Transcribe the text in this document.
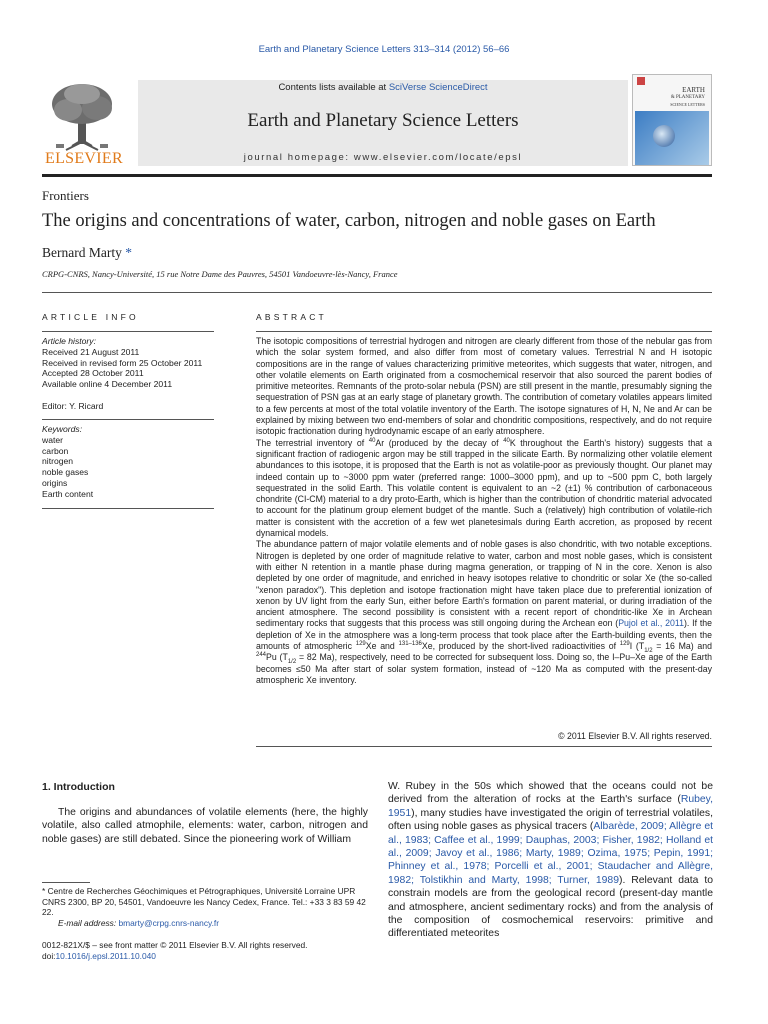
Earth and Planetary Science Letters 313–314 (2012) 56–66
Contents lists available at SciVerse ScienceDirect
Earth and Planetary Science Letters
journal homepage: www.elsevier.com/locate/epsl
ELSEVIER
EARTH
& PLANETARY
SCIENCE LETTERS
Frontiers
The origins and concentrations of water, carbon, nitrogen and noble gases on Earth
Bernard Marty *
CRPG-CNRS, Nancy-Université, 15 rue Notre Dame des Pauvres, 54501 Vandoeuvre-lès-Nancy, France
ARTICLE INFO	ABSTRACT
Article history:
Received 21 August 2011
Received in revised form 25 October 2011
Accepted 28 October 2011
Available online 4 December 2011
Editor: Y. Ricard
Keywords:
water
carbon
nitrogen
noble gases
origins
Earth content

The isotopic compositions of terrestrial hydrogen and nitrogen are clearly different from those of the nebular gas from which the solar system formed, and also differ from most of cometary values. Terrestrial N and H isotopic compositions are in the range of values characterizing primitive meteorites, which suggests that water, nitrogen, and other volatile elements on Earth originated from a cosmochemical reservoir that also sourced the parent bodies of primitive meteorites. Remnants of the proto-solar nebula (PSN) are still present in the mantle, presumably signing the sequestration of PSN gas at an early stage of planetary growth. The contribution of cometary volatiles appears limited to a few percents at most of the total volatile inventory of the Earth. The isotope signatures of H, N, Ne and Ar can be explained by mixing between two end-members of solar and chondritic compositions, respectively, and do not require isotopic fractionation during hydrodynamic escape of an early atmosphere.

The terrestrial inventory of $^{40}$Ar (produced by the decay of $^{40}$K throughout the Earth's history) suggests that a significant fraction of radiogenic argon may be still trapped in the silicate Earth. By normalizing other volatile element abundances to this isotope, it is proposed that the Earth is not as volatile-poor as previously thought. Our planet may indeed contain up to ~3000 ppm water (preferred range: 1000–3000 ppm), and up to ~500 ppm C, both largely sequestrated in the solid Earth. This volatile content is equivalent to an ~2 (±1) % contribution of carbonaceous chondrite (CI-CM) material to a dry proto-Earth, which is higher than the contribution of chondritic material advocated to account for the platinum group element budget of the mantle. Such a (relatively) high contribution of volatile-rich matter is consistent with the accretion of a few wet planetesimals during Earth accretion, as proposed by recent dynamical models.

The abundance pattern of major volatile elements and of noble gases is also chondritic, with two notable exceptions. Nitrogen is depleted by one order of magnitude relative to water, carbon and most noble gases, which is consistent with either N retention in a mantle phase during magma generation, or trapping of N in the core. Xenon is also depleted by one order of magnitude, and enriched in heavy isotopes relative to chondritic or solar Xe (the so-called "xenon paradox"). This depletion and isotope fractionation might have taken place due to preferential ionization of xenon by UV light from the early Sun, either before Earth's formation on parent material, or during irradiation of the ancient atmosphere. The second possibility is consistent with a recent report of chondritic-like Xe in Archean sedimentary rocks that suggests that this process was still ongoing during the Archean eon (Pujol et al., 2011). If the depletion of Xe in the atmosphere was a long-term process that took place after the Earth-building events, then the amounts of atmospheric $^{129}$Xe and $^{131-136}$Xe, produced by the short-lived radioactivities of $^{129}$I ($T_{1/2} = 16$ Ma) and $^{244}$Pu ($T_{1/2} = 82$ Ma), respectively, need to be corrected for subsequent loss. Doing so, the I–Pu–Xe age of the Earth becomes ≤50 Ma after start of solar system formation, instead of ~120 Ma as computed with the present-day atmospheric Xe inventory.

© 2011 Elsevier B.V. All rights reserved.
1. Introduction

The origins and abundances of volatile elements (here, the highly volatile, also called atmophile, elements: water, carbon, nitrogen and noble gases) are still debated. Since the pioneering work of William

W. Rubey in the 50s which showed that the oceans could not be derived from the alteration of rocks at the Earth's surface (Rubey, 1951), many studies have investigated the origin of terrestrial volatiles, often using noble gases as physical tracers (Albarède, 2009; Allègre et al., 1983; Caffee et al., 1999; Dauphas, 2003; Fisher, 1982; Holland et al., 2009; Javoy et al., 1986; Marty, 1989; Ozima, 1975; Pepin, 1991; Phinney et al., 1978; Porcelli et al., 2001; Staudacher and Allègre, 1982; Tolstikhin and Marty, 1998; Turner, 1989). Relevant data to constrain models are from the geological record (present-day mantle and atmosphere, ancient sedimentary rocks) and from the analysis of the composition of cosmochemical reservoirs: primitive and differentiated meteorites

* Centre de Recherches Géochimiques et Pétrographiques, Université Lorraine UPR CNRS 2300, BP 20, 54501, Vandoeuvre les Nancy Cedex, France. Tel.: +33 3 83 59 42 22.
E-mail address: bmarty@crpg.cnrs-nancy.fr
0012-821X/$ – see front matter © 2011 Elsevier B.V. All rights reserved.
doi:10.1016/j.epsl.2011.10.040
